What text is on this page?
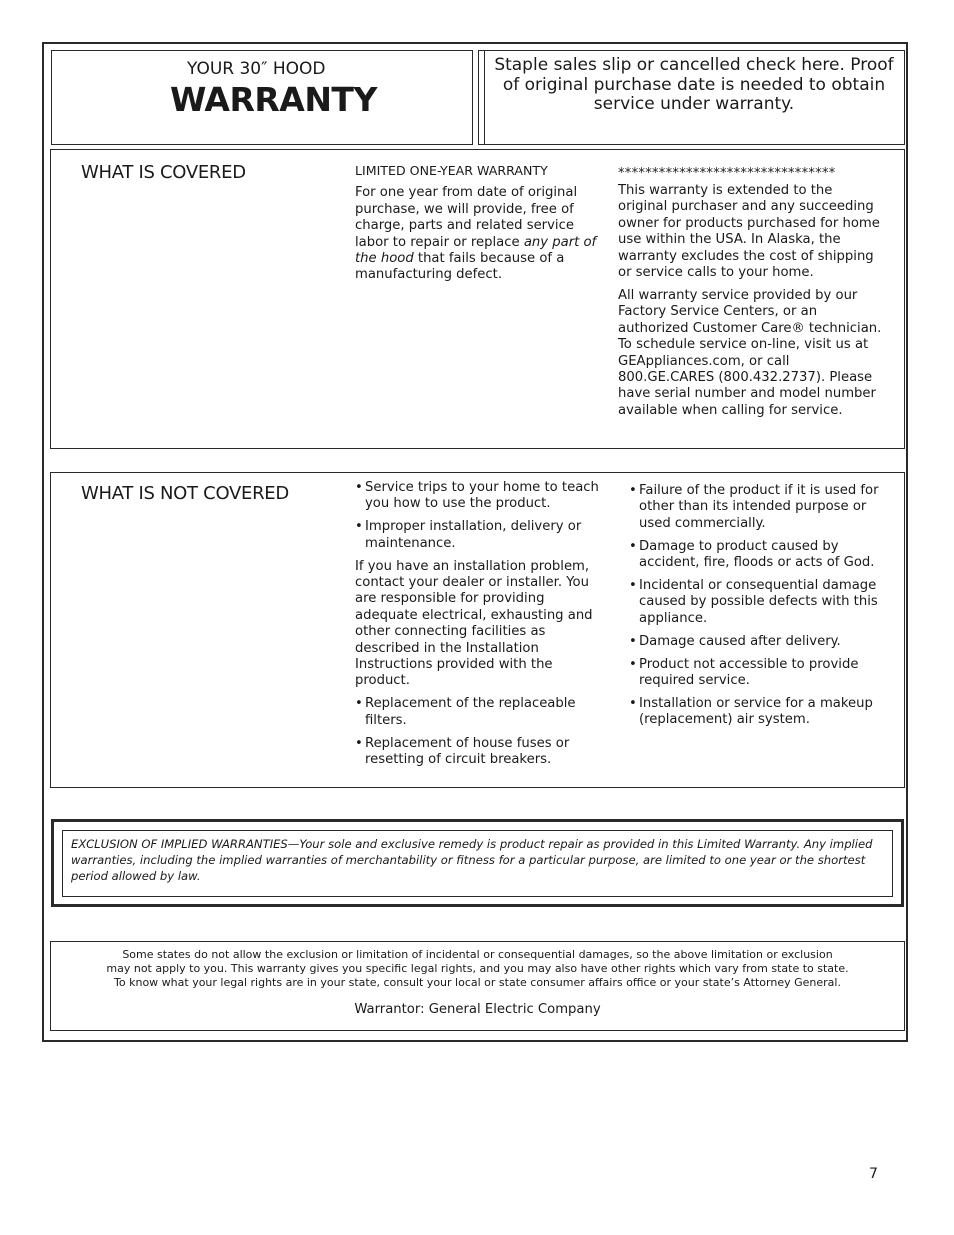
YOUR 30″ HOOD
WARRANTY
Staple sales slip or cancelled check here. Proof of original purchase date is needed to obtain service under warranty.
WHAT IS COVERED	LIMITED ONE-YEAR WARRANTY

For one year from date of original purchase, we will provide, free of charge, parts and related service labor to repair or replace any part of the hood that fails because of a manufacturing defect.

********************************

This warranty is extended to the original purchaser and any succeeding owner for products purchased for home use within the USA. In Alaska, the warranty excludes the cost of shipping or service calls to your home.

All warranty service provided by our Factory Service Centers, or an authorized Customer Care® technician. To schedule service on-line, visit us at GEAppliances.com, or call 800.GE.CARES (800.432.2737). Please have serial number and model number available when calling for service.

WHAT IS NOT COVERED
•	Service trips to your home to teach you how to use the product.
• Improper installation, delivery or maintenance.

If you have an installation problem, contact your dealer or installer. You are responsible for providing adequate electrical, exhausting and other connecting facilities as described in the Installation Instructions provided with the product.

• Replacement of the replaceable filters.
• Replacement of house fuses or resetting of circuit breakers.
• Failure of the product if it is used for other than its intended purpose or used commercially.
• Damage to product caused by accident, fire, floods or acts of God.
• Incidental or consequential damage caused by possible defects with this appliance.
• Damage caused after delivery.
• Product not accessible to provide required service.
• Installation or service for a makeup (replacement) air system.
EXCLUSION OF IMPLIED WARRANTIES—Your sole and exclusive remedy is product repair as provided in this Limited Warranty. Any implied warranties, including the implied warranties of merchantability or fitness for a particular purpose, are limited to one year or the shortest period allowed by law.
Some states do not allow the exclusion or limitation of incidental or consequential damages, so the above limitation or exclusion
may not apply to you. This warranty gives you specific legal rights, and you may also have other rights which vary from state to state.
To know what your legal rights are in your state, consult your local or state consumer affairs office or your state’s Attorney General.
Warrantor: General Electric Company
7
